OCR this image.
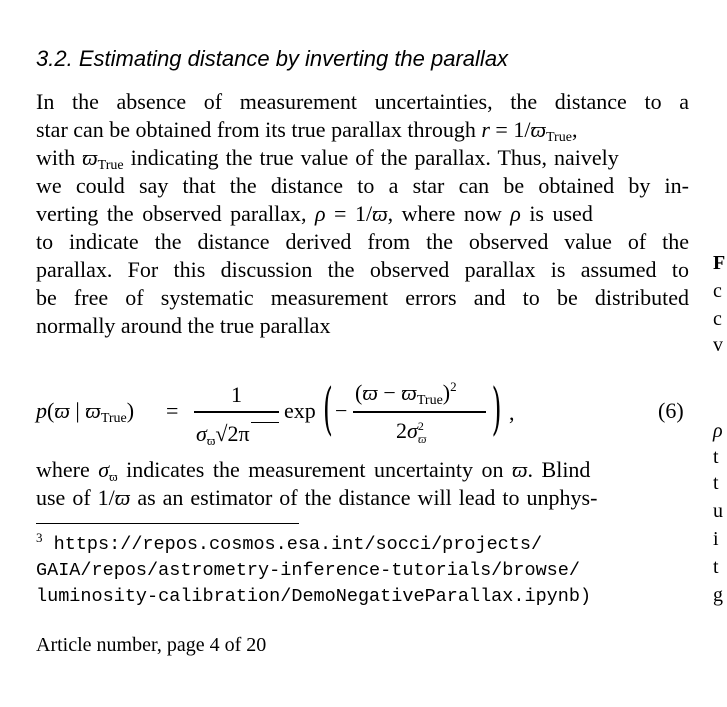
3.2. Estimating distance by inverting the parallax
In the absence of measurement uncertainties, the distance to a
star can be obtained from its true parallax through r = 1/ϖTrue,
with ϖTrue indicating the true value of the parallax. Thus, naively
we could say that the distance to a star can be obtained by in-
verting the observed parallax, ρ = 1/ϖ, where now ρ is used
to indicate the distance derived from the observed value of the
parallax. For this discussion the observed parallax is assumed to
be free of systematic measurement errors and to be distributed
normally around the true parallax
p(ϖ | ϖTrue) =
1
σϖ√2π
exp ( −
(ϖ − ϖTrue)$^2$
$2\sigma^2$
ϖ ( ,	(6)
where σϖ indicates the measurement uncertainty on ϖ. Blind
use of 1/ϖ as an estimator of the distance will lead to unphys-
$^3$ https://repos.cosmos.esa.int/socci/projects/
GAIA/repos/astrometry-inference-tutorials/browse/
luminosity-calibration/DemoNegativeParallax.ipynb)
Article number, page 4 of 20
F
c
c
v
ρ
t
t
u
i
t
g
